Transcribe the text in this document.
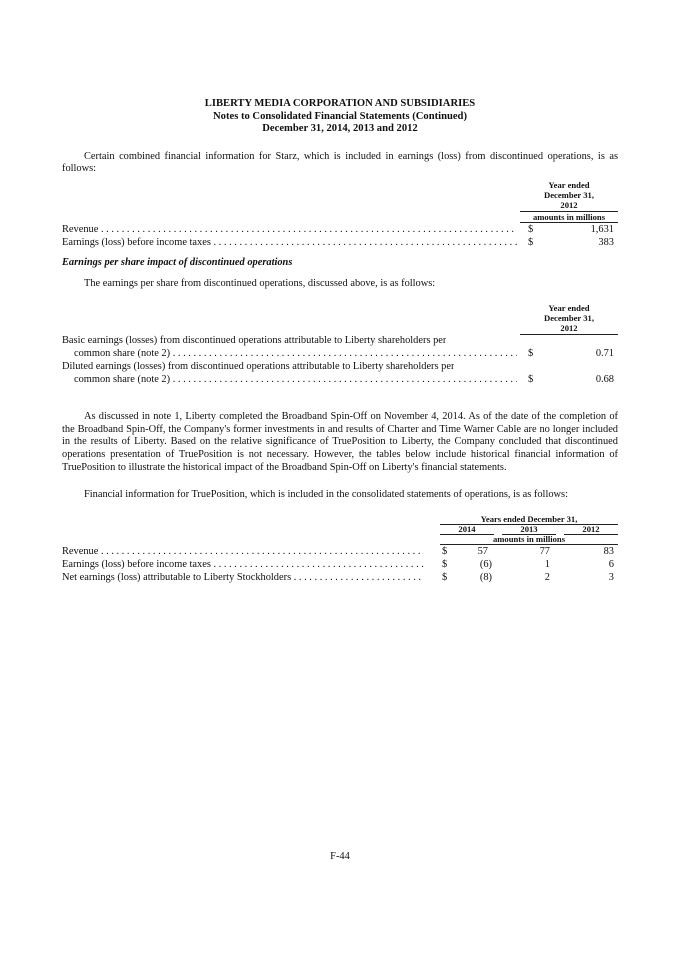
LIBERTY MEDIA CORPORATION AND SUBSIDIARIES
Notes to Consolidated Financial Statements (Continued)
December 31, 2014, 2013 and 2012

Certain combined financial information for Starz, which is included in earnings (loss) from discontinued operations, is as follows:

Year ended
December 31,
2012
amounts in millions
Revenue . . .	$	1,631
Earnings (loss) before income taxes . . .	$	383
Earnings per share impact of discontinued operations

The earnings per share from discontinued operations, discussed above, is as follows:

Year ended
December 31,
2012
Basic earnings (losses) from discontinued operations attributable to Liberty shareholders per
common share (note 2) . . .	$	0.71
Diluted earnings (losses) from discontinued operations attributable to Liberty shareholders per
common share (note 2) . . .	$	0.68

As discussed in note 1, Liberty completed the Broadband Spin-Off on November 4, 2014. As of the date of the completion of the Broadband Spin-Off, the Company's former investments in and results of Charter and Time Warner Cable are no longer included in the results of Liberty. Based on the relative significance of TruePosition to Liberty, the Company concluded that discontinued operations presentation of TruePosition is not necessary. However, the tables below include historical financial information of TruePosition to illustrate the historical impact of the Broadband Spin-Off on Liberty's financial statements.

Financial information for TruePosition, which is included in the consolidated statements of operations, is as follows:

Years ended December 31,
2014	2013	2012
amounts in millions
Revenue . . .	$	57	77	83
Earnings (loss) before income taxes . . .	$	(6)	1	6
Net earnings (loss) attributable to Liberty Stockholders . . .	$	(8)	2	3
F-44
